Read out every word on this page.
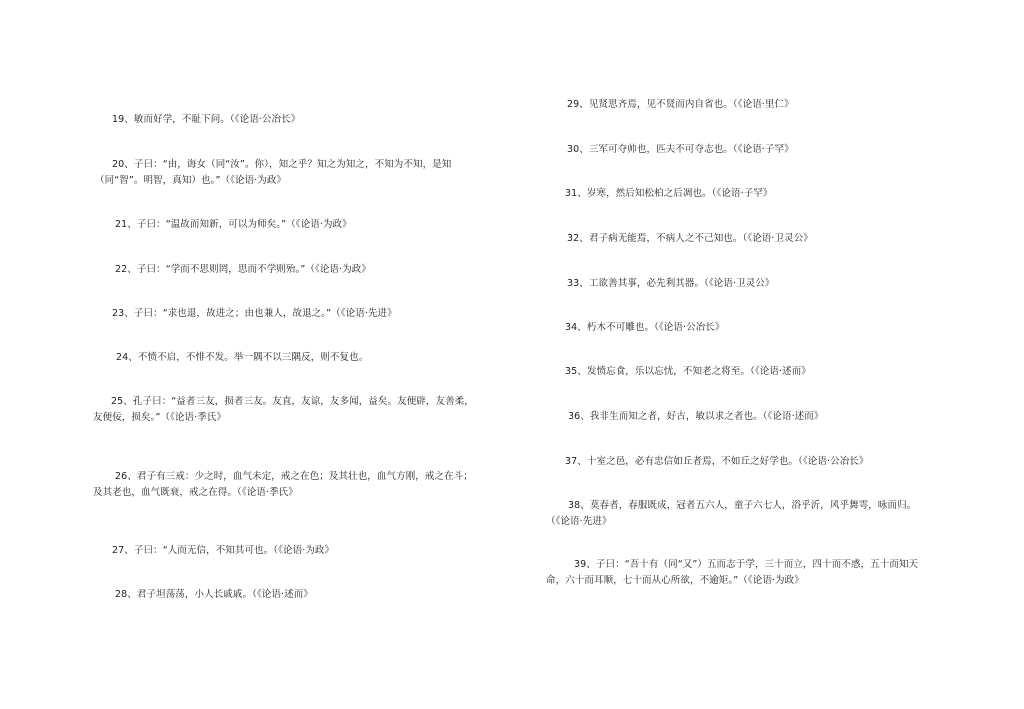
19、敏而好学，不耻下问。（《论语·公冶长》
20、子曰：“由，诲女（同“汝”。你），知之乎？知之为知之，不知为不知，是知
（同“智”。明智，真知）也。”（《论语·为政》
21、子曰：“温故而知新，可以为师矣。”（《论语·为政》
22、子曰：“学而不思则罔，思而不学则殆。”（《论语·为政》
23、子曰：“求也退，故进之；由也兼人，故退之。”（《论语·先进》
24、不愤不启，不悱不发。举一隅不以三隅反，则不复也。
25、孔子曰：“益者三友，损者三友。友直，友谅，友多闻，益矣。友便辟，友善柔，
友便佞，损矣。”（《论语·季氏》
26、君子有三戒：少之时，血气未定，戒之在色；及其壮也，血气方刚，戒之在斗；
及其老也，血气既衰，戒之在得。（《论语·季氏》
27、子曰：“人而无信，不知其可也。（《论语·为政》
28、君子坦荡荡，小人长戚戚。（《论语·述而》
29、见贤思齐焉，见不贤而内自省也。（《论语·里仁》
30、三军可夺帅也，匹夫不可夺志也。（《论语·子罕》
31、岁寒，然后知松柏之后凋也。（《论语·子罕》
32、君子病无能焉，不病人之不己知也。（《论语·卫灵公》
33、工欲善其事，必先利其器。（《论语·卫灵公》
34、朽木不可雕也。（《论语·公冶长》
35、发愤忘食，乐以忘忧，不知老之将至。（《论语·述而》
36、我非生而知之者，好古，敏以求之者也。（《论语·述而》
37、十室之邑，必有忠信如丘者焉，不如丘之好学也。（《论语·公冶长》
38、莫春者，春服既成，冠者五六人，童子六七人，浴乎沂，风乎舞雩，咏而归。
（《论语·先进》
39、子曰：“吾十有（同“又”）五而志于学，三十而立，四十而不惑，五十而知天
命，六十而耳顺，七十而从心所欲，不逾矩。”（《论语·为政》
